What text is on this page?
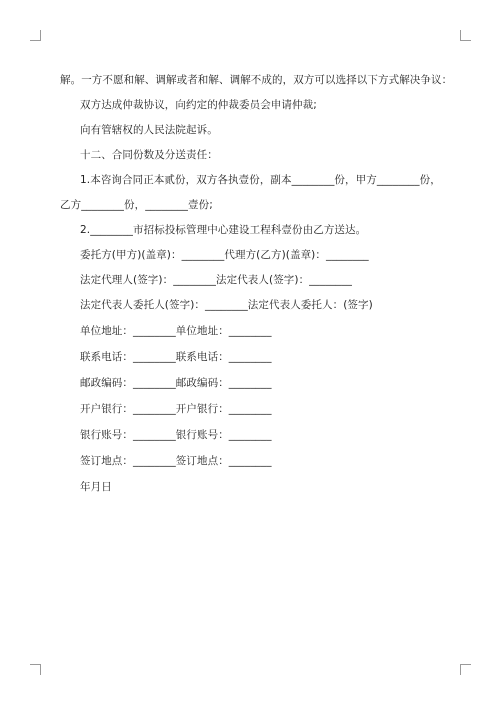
解。一方不愿和解、调解或者和解、调解不成的，双方可以选择以下方式解决争议：
双方达成仲裁协议，向约定的仲裁委员会申请仲裁;
向有管辖权的人民法院起诉。
十二、合同份数及分送责任：
1.本咨询合同正本贰份，双方各执壹份，副本________份，甲方________份，
乙方________份，________壹份;
2.________市招标投标管理中心建设工程科壹份由乙方送达。
委托方(甲方)(盖章)：________代理方(乙方)(盖章)：________
法定代理人(签字)：________法定代表人(签字)：________
法定代表人委托人(签字)：________法定代表人委托人：(签字)
单位地址：________单位地址：________
联系电话：________联系电话：________
邮政编码：________邮政编码：________
开户银行：________开户银行：________
银行账号：________银行账号：________
签订地点：________签订地点：________
年月日
